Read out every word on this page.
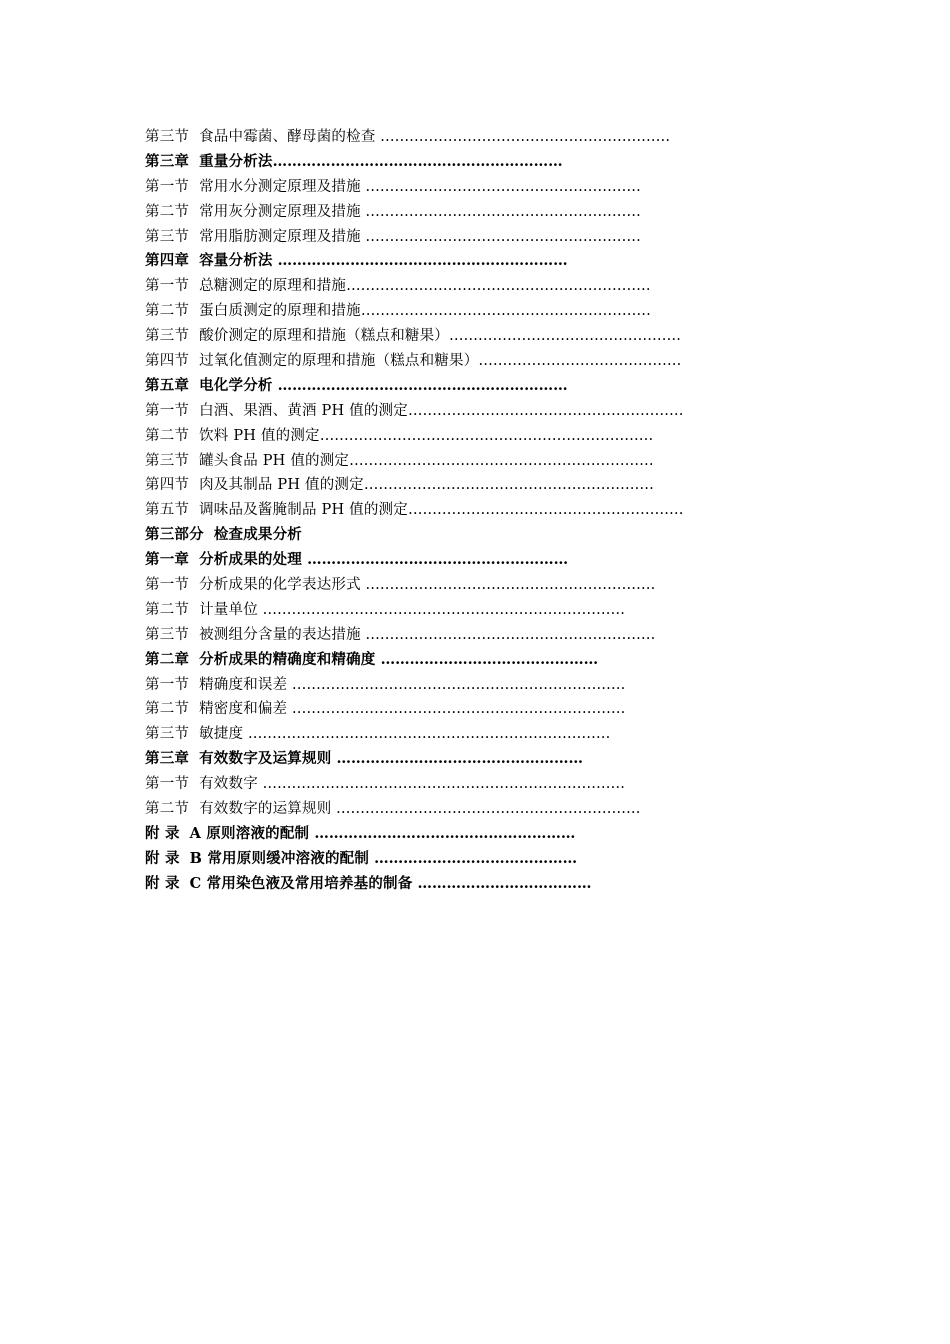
第三节 食品中霉菌、酵母菌的检查 ……………………………………………………
第三章 重量分析法……………………………………………………
第一节 常用水分测定原理及措施 …………………………………………………
第二节 常用灰分测定原理及措施 …………………………………………………
第三节 常用脂肪测定原理及措施 …………………………………………………
第四章 容量分析法 ……………………………………………………
第一节 总糖测定的原理和措施………………………………………………………
第二节 蛋白质测定的原理和措施……………………………………………………
第三节 酸价测定的原理和措施（糕点和糖果）…………………………………………
第四节 过氧化值测定的原理和措施（糕点和糖果）……………………………………
第五章 电化学分析 ……………………………………………………
第一节 白酒、果酒、黄酒 PH 值的测定…………………………………………………
第二节 饮料 PH 值的测定……………………………………………………………
第三节 罐头食品 PH 值的测定………………………………………………………
第四节 肉及其制品 PH 值的测定……………………………………………………
第五节 调味品及酱腌制品 PH 值的测定…………………………………………………
第三部分 检查成果分析
第一章 分析成果的处理 ………………………………………………
第一节 分析成果的化学表达形式 ……………………………………………………
第二节 计量单位 …………………………………………………………………
第三节 被测组分含量的表达措施 ……………………………………………………
第二章 分析成果的精确度和精确度 ………………………………………
第一节 精确度和误差 ……………………………………………………………
第二节 精密度和偏差 ……………………………………………………………
第三节 敏捷度 …………………………………………………………………
第三章 有效数字及运算规则 ……………………………………………
第一节 有效数字 …………………………………………………………………
第二节 有效数字的运算规则 ………………………………………………………
附 录 A 原则溶液的配制 ………………………………………………
附 录 B 常用原则缓冲溶液的配制 ……………………………………
附 录 C 常用染色液及常用培养基的制备 ………………………………
